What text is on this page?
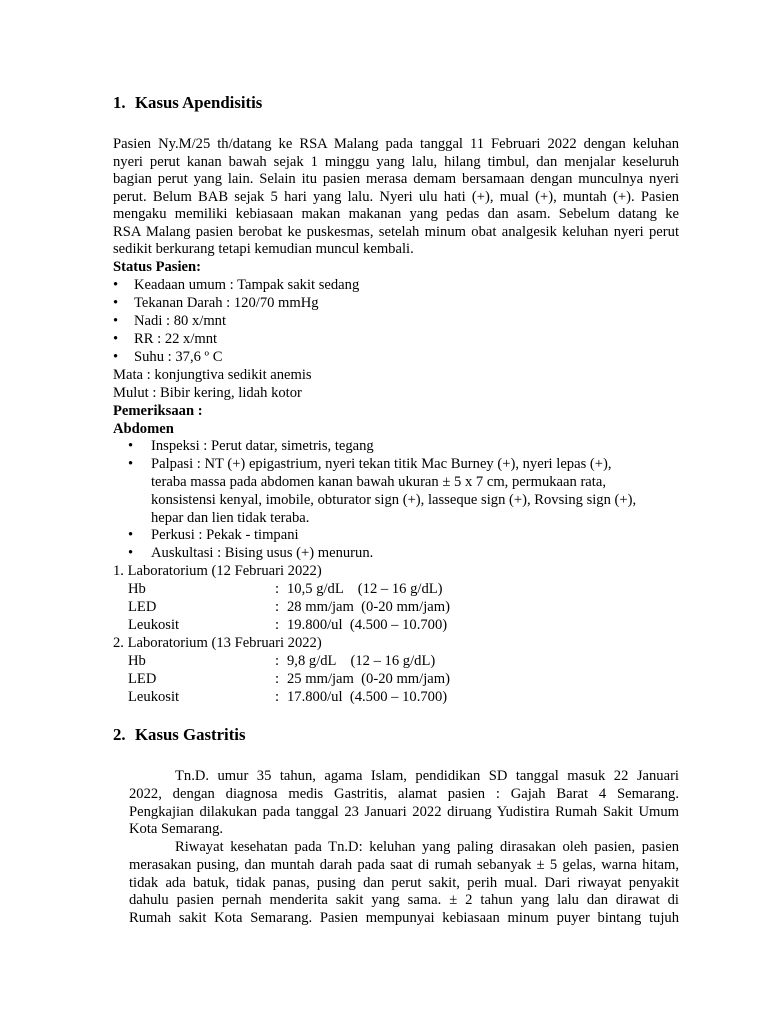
1. Kasus Apendisitis
Pasien Ny.M/25 th/datang ke RSA Malang pada tanggal 11 Februari 2022 dengan keluhan
nyeri perut kanan bawah sejak 1 minggu yang lalu, hilang timbul, dan menjalar keseluruh
bagian perut yang lain. Selain itu pasien merasa demam bersamaan dengan munculnya nyeri
perut. Belum BAB sejak 5 hari yang lalu. Nyeri ulu hati (+), mual (+), muntah (+). Pasien
mengaku memiliki kebiasaan makan makanan yang pedas dan asam. Sebelum datang ke
RSA Malang pasien berobat ke puskesmas, setelah minum obat analgesik keluhan nyeri perut
sedikit berkurang tetapi kemudian muncul kembali.
Status Pasien:
• Keadaan umum : Tampak sakit sedang
• Tekanan Darah : 120/70 mmHg
• Nadi : 80 x/mnt
• RR : 22 x/mnt
• Suhu : 37,6 º C
Mata : konjungtiva sedikit anemis
Mulut : Bibir kering, lidah kotor
Pemeriksaan :
Abdomen
• Inspeksi : Perut datar, simetris, tegang
• Palpasi : NT (+) epigastrium, nyeri tekan titik Mac Burney (+), nyeri lepas (+),
teraba massa pada abdomen kanan bawah ukuran ± 5 x 7 cm, permukaan rata,
konsistensi kenyal, imobile, obturator sign (+), lasseque sign (+), Rovsing sign (+),
hepar dan lien tidak teraba.
• Perkusi : Pekak - timpani
• Auskultasi : Bising usus (+) menurun.
1. Laboratorium (12 Februari 2022)
Hb	: 10,5 g/dL    (12 – 16 g/dL)
LED	: 28 mm/jam  (0-20 mm/jam)
Leukosit	: 19.800/ul  (4.500 – 10.700)
2. Laboratorium (13 Februari 2022)
Hb	: 9,8 g/dL    (12 – 16 g/dL)
LED	: 25 mm/jam  (0-20 mm/jam)
Leukosit	: 17.800/ul  (4.500 – 10.700)
2. Kasus Gastritis
Tn.D. umur 35 tahun, agama Islam, pendidikan SD tanggal masuk 22 Januari
2022, dengan diagnosa medis Gastritis, alamat pasien : Gajah Barat 4 Semarang.
Pengkajian dilakukan pada tanggal 23 Januari 2022 diruang Yudistira Rumah Sakit Umum
Kota Semarang.
Riwayat kesehatan pada Tn.D: keluhan yang paling dirasakan oleh pasien, pasien
merasakan pusing, dan muntah darah pada saat di rumah sebanyak ± 5 gelas, warna hitam,
tidak ada batuk, tidak panas, pusing dan perut sakit, perih mual. Dari riwayat penyakit
dahulu pasien pernah menderita sakit yang sama. ± 2 tahun yang lalu dan dirawat di
Rumah sakit Kota Semarang. Pasien mempunyai kebiasaan minum puyer bintang tujuh
